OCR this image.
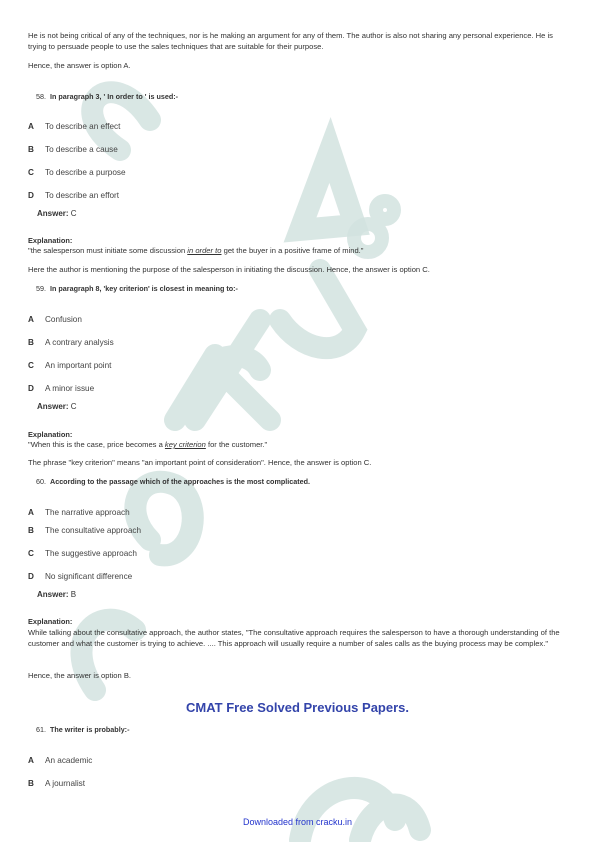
He is not being critical of any of the techniques, nor is he making an argument for any of them. The author is also not sharing any personal experience. He is trying to persuade people to use the sales techniques that are suitable for their purpose.
Hence, the answer is option A.
58. In paragraph 3, ' In order to ' is used:-
A To describe an effect
B To describe a cause
C To describe a purpose
D To describe an effort
Answer: C
Explanation:
"the salesperson must initiate some discussion in order to get the buyer in a positive frame of mind."
Here the author is mentioning the purpose of the salesperson in initiating the discussion. Hence, the answer is option C.
59. In paragraph 8, 'key criterion' is closest in meaning to:-
A Confusion
B A contrary analysis
C An important point
D A minor issue
Answer: C
Explanation:
"When this is the case, price becomes a key criterion for the customer."
The phrase "key criterion" means "an important point of consideration". Hence, the answer is option C.
60. According to the passage which of the approaches is the most complicated.
A The narrative approach
B The consultative approach
C The suggestive approach
D No significant difference
Answer: B
Explanation:
While talking about the consultative approach, the author states, "The consultative approach requires the salesperson to have a thorough understanding of the customer and what the customer is trying to achieve. .... This approach will usually require a number of sales calls as the buying process may be complex."
Hence, the answer is option B.
CMAT Free Solved Previous Papers.
61. The writer is probably:-
A An academic
B A journalist
Downloaded from cracku.in
